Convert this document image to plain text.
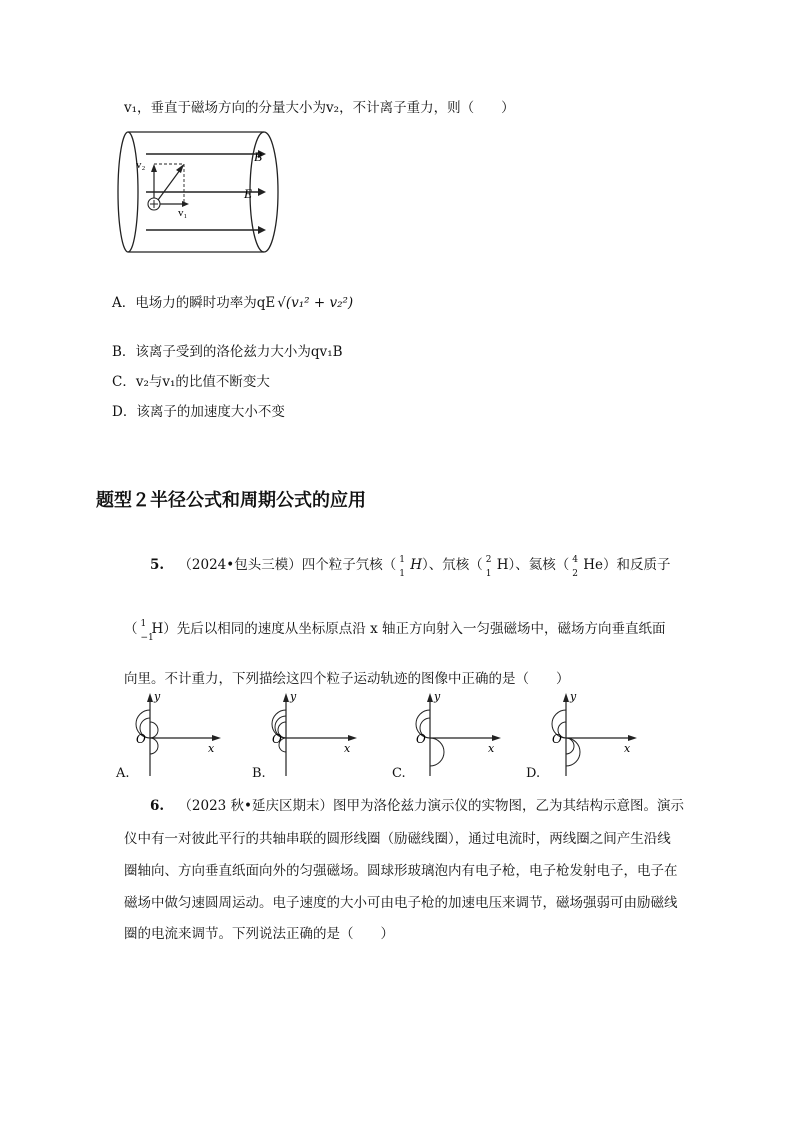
v₁，垂直于磁场方向的分量大小为v₂，不计离子重力，则（　　）
B
E
v₁
v₂
A．电场力的瞬时功率为qE √(v₁² + v₂²)
B．该离子受到的洛伦兹力大小为qv₁B
C．v₂与v₁的比值不断变大
D．该离子的加速度大小不变
题型２半径公式和周期公式的应用
5. （2024•包头三模）四个粒子氕核（ 1
1
H）、氘核（ 2
1
H）、氦核（ 4
2
He）和反质子
（ 1
−1
H）先后以相同的速度从坐标原点沿 x 轴正方向射入一匀强磁场中，磁场方向垂直纸面
向里。不计重力，下列描绘这四个粒子运动轨迹的图像中正确的是（　　）
y
x
O
y
x
O
y
x
O
y
x
O
A.	B.	C.	D.
6. （2023 秋•延庆区期末）图甲为洛伦兹力演示仪的实物图，乙为其结构示意图。演示
仪中有一对彼此平行的共轴串联的圆形线圈（励磁线圈），通过电流时，两线圈之间产生沿线
圈轴向、方向垂直纸面向外的匀强磁场。圆球形玻璃泡内有电子枪，电子枪发射电子，电子在
磁场中做匀速圆周运动。电子速度的大小可由电子枪的加速电压来调节，磁场强弱可由励磁线
圈的电流来调节。下列说法正确的是（　　）
